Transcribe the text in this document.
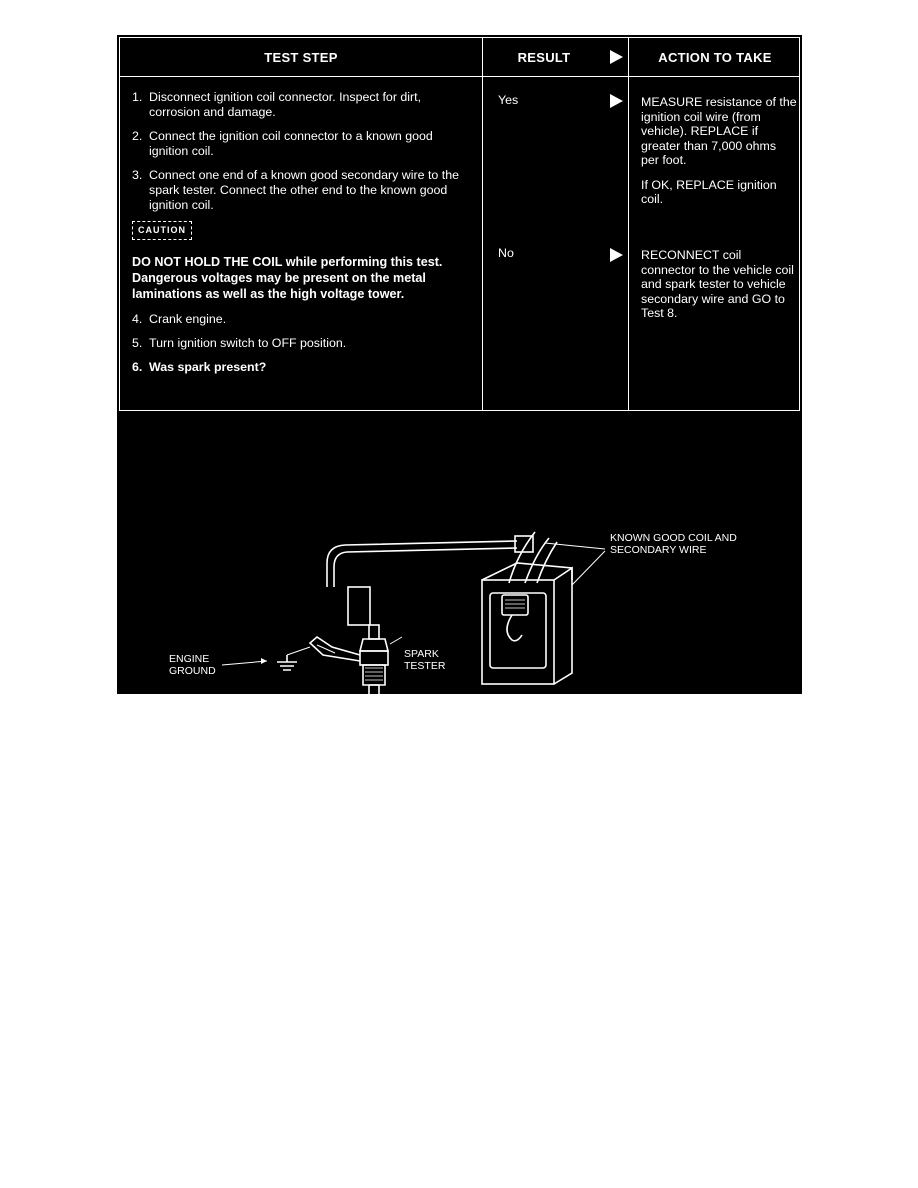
TEST STEP	RESULT	ACTION TO TAKE
1. Disconnect ignition coil connector. Inspect for dirt, corrosion and damage.
2. Connect the ignition coil connector to a known good ignition coil.
3. Connect one end of a known good secondary wire to the spark tester. Connect the other end to the known good ignition coil.
CAUTION
DO NOT HOLD THE COIL while performing this test. Dangerous voltages may be present on the metal laminations as well as the high voltage tower.
4. Crank engine.
5. Turn ignition switch to OFF position.
6. Was spark present?
Yes	MEASURE resistance of the ignition coil wire (from vehicle). REPLACE if greater than 7,000 ohms per foot.

If OK, REPLACE ignition coil.

No	RECONNECT coil connector to the vehicle coil and spark tester to vehicle secondary wire and GO to Test 8.

KNOWN GOOD COIL AND SECONDARY WIRE
ENGINE
GROUND
SPARK
TESTER
